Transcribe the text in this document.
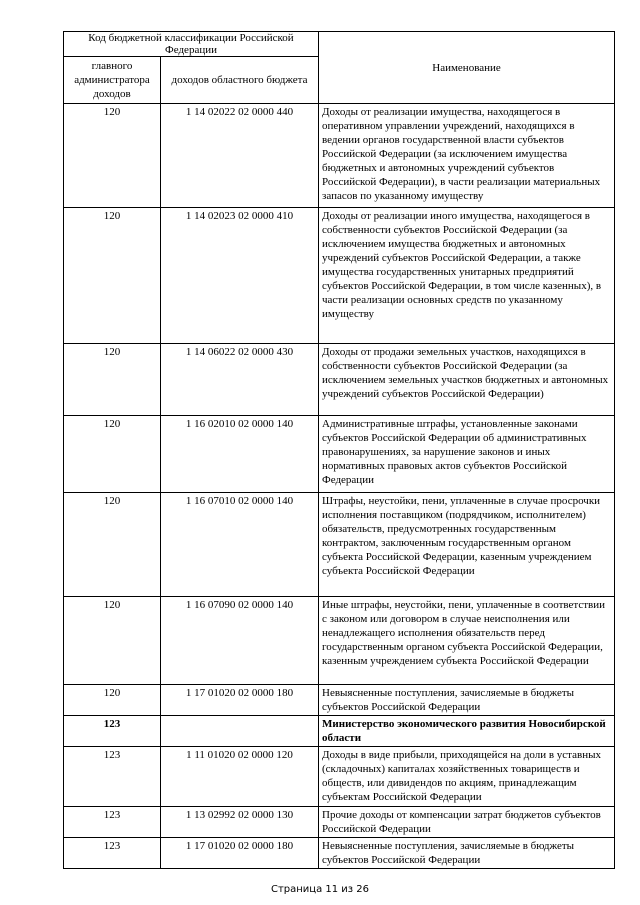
Код бюджетной классификации Российской Федерации		Наименование
главного администратора доходов	доходов областного бюджета	
120	1 14 02022 02 0000 440	Доходы от реализации имущества, находящегося в оперативном управлении учреждений, находящихся в ведении органов государственной власти субъектов Российской Федерации (за исключением имущества бюджетных и автономных учреждений субъектов Российской Федерации), в части реализации материальных запасов по указанному имуществу
120	1 14 02023 02 0000 410	Доходы от реализации иного имущества, находящегося в собственности субъектов Российской Федерации (за исключением имущества бюджетных и автономных учреждений субъектов Российской Федерации, а также имущества государственных унитарных предприятий субъектов Российской Федерации, в том числе казенных), в части реализации основных средств по указанному имуществу
120	1 14 06022 02 0000 430	Доходы от продажи земельных участков, находящихся в собственности субъектов Российской Федерации (за исключением земельных участков бюджетных и автономных учреждений субъектов Российской Федерации)
120	1 16 02010 02 0000 140	Административные штрафы, установленные законами субъектов Российской Федерации об административных правонарушениях, за нарушение законов и иных нормативных правовых актов субъектов Российской Федерации
120	1 16 07010 02 0000 140	Штрафы, неустойки, пени, уплаченные в случае просрочки исполнения поставщиком (подрядчиком, исполнителем) обязательств, предусмотренных государственным контрактом, заключенным государственным органом субъекта Российской Федерации, казенным учреждением субъекта Российской Федерации
120	1 16 07090 02 0000 140	Иные штрафы, неустойки, пени, уплаченные в соответствии с законом или договором в случае неисполнения или ненадлежащего исполнения обязательств перед государственным органом субъекта Российской Федерации, казенным учреждением субъекта Российской Федерации
120	1 17 01020 02 0000 180	Невыясненные поступления, зачисляемые в бюджеты субъектов Российской Федерации
123		Министерство экономического развития Новосибирской области
123	1 11 01020 02 0000 120	Доходы в виде прибыли, приходящейся на доли в уставных (складочных) капиталах хозяйственных товариществ и обществ, или дивидендов по акциям, принадлежащим субъектам Российской Федерации
123	1 13 02992 02 0000 130	Прочие доходы от компенсации затрат бюджетов субъектов Российской Федерации
123	1 17 01020 02 0000 180	Невыясненные поступления, зачисляемые в бюджеты субъектов Российской Федерации
Страница 11 из 26
